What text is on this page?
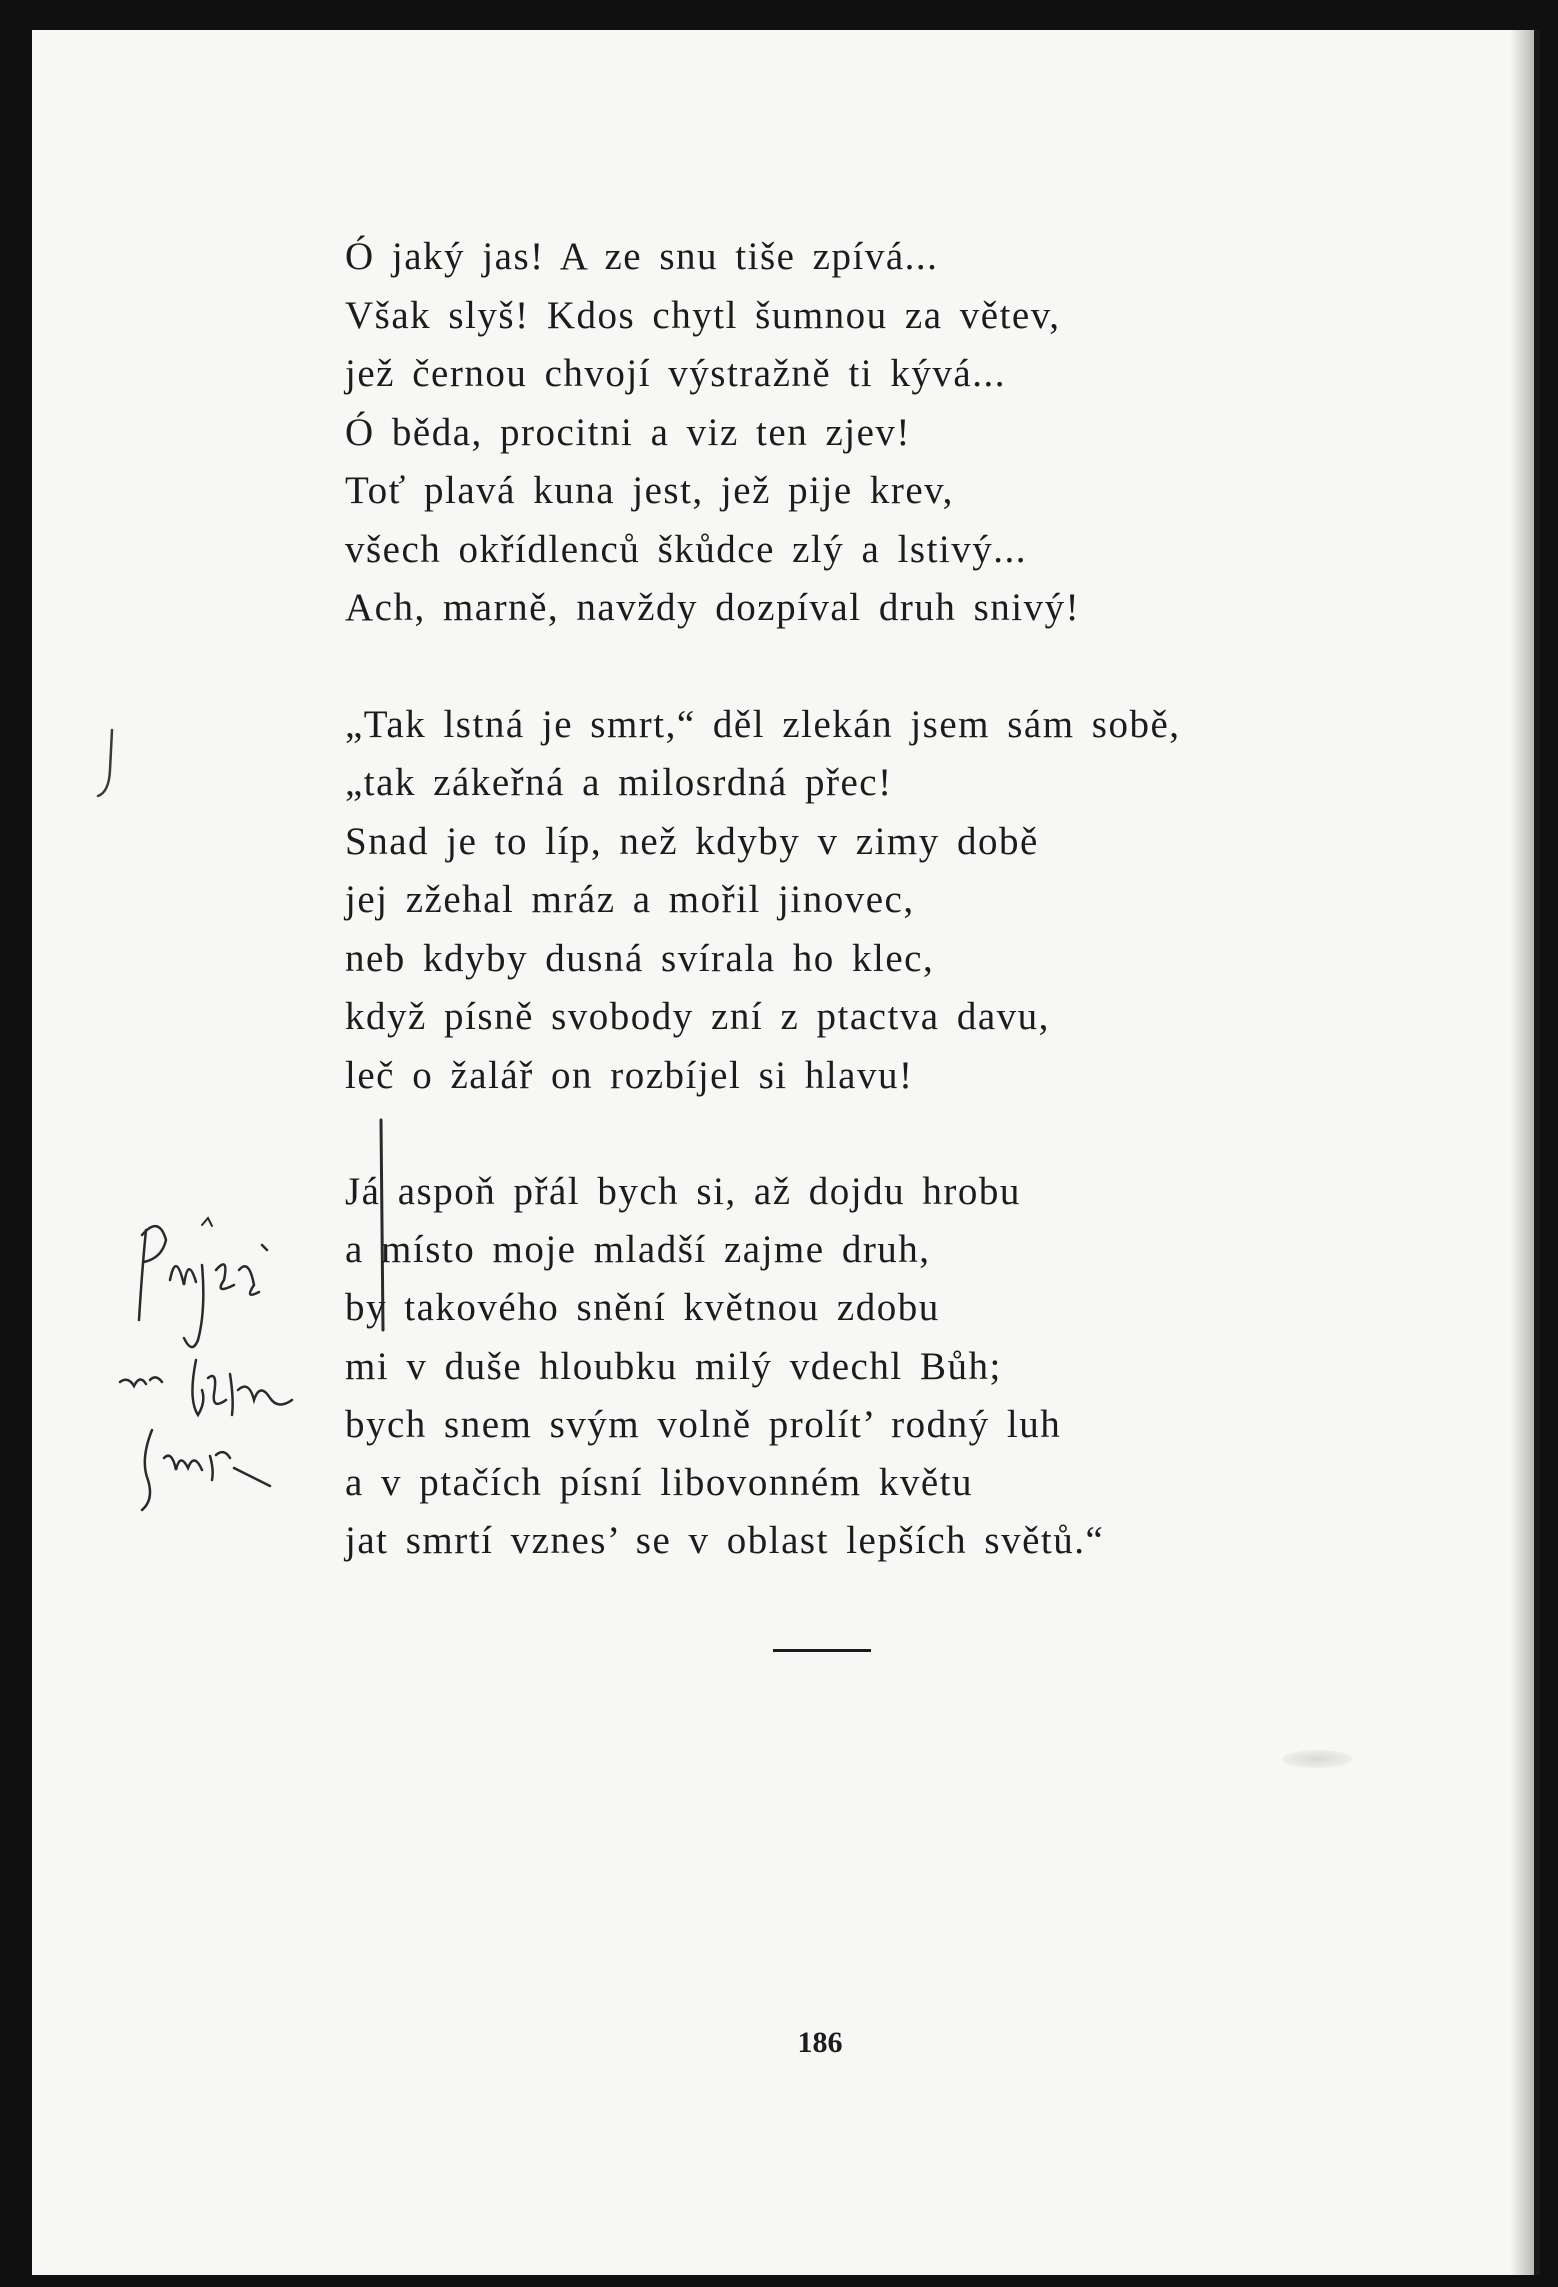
Ó jaký jas! A ze snu tiše zpívá...
Však slyš! Kdos chytl šumnou za větev,
jež černou chvojí výstražně ti kývá...
Ó běda, procitni a viz ten zjev!
Toť plavá kuna jest, jež pije krev,
všech okřídlenců škůdce zlý a lstivý...
Ach, marně, navždy dozpíval druh snivý!
„Tak lstná je smrt,“ děl zlekán jsem sám sobě,
„tak zákeřná a milosrdná přec!
Snad je to líp, než kdyby v zimy době
jej zžehal mráz a mořil jinovec,
neb kdyby dusná svírala ho klec,
když písně svobody zní z ptactva davu,
leč o žalář on rozbíjel si hlavu!
Já aspoň přál bych si, až dojdu hrobu
a místo moje mladší zajme druh,
by takového snění květnou zdobu
mi v duše hloubku milý vdechl Bůh;
bych snem svým volně prolít’ rodný luh
a v ptačích písní libovonném květu
jat smrtí vznes’ se v oblast lepších světů.“
186
